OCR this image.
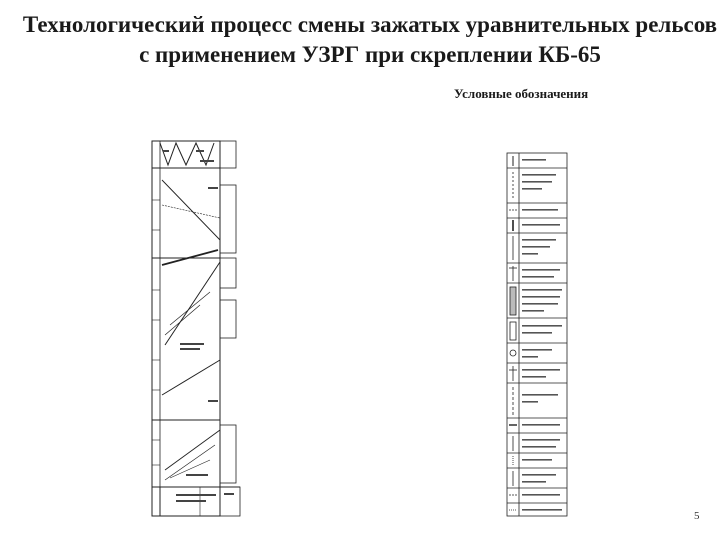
Технологический процесс смены зажатых уравнительных рельсов с применением УЗРГ при скреплении КБ-65
Условные обозначения
5
